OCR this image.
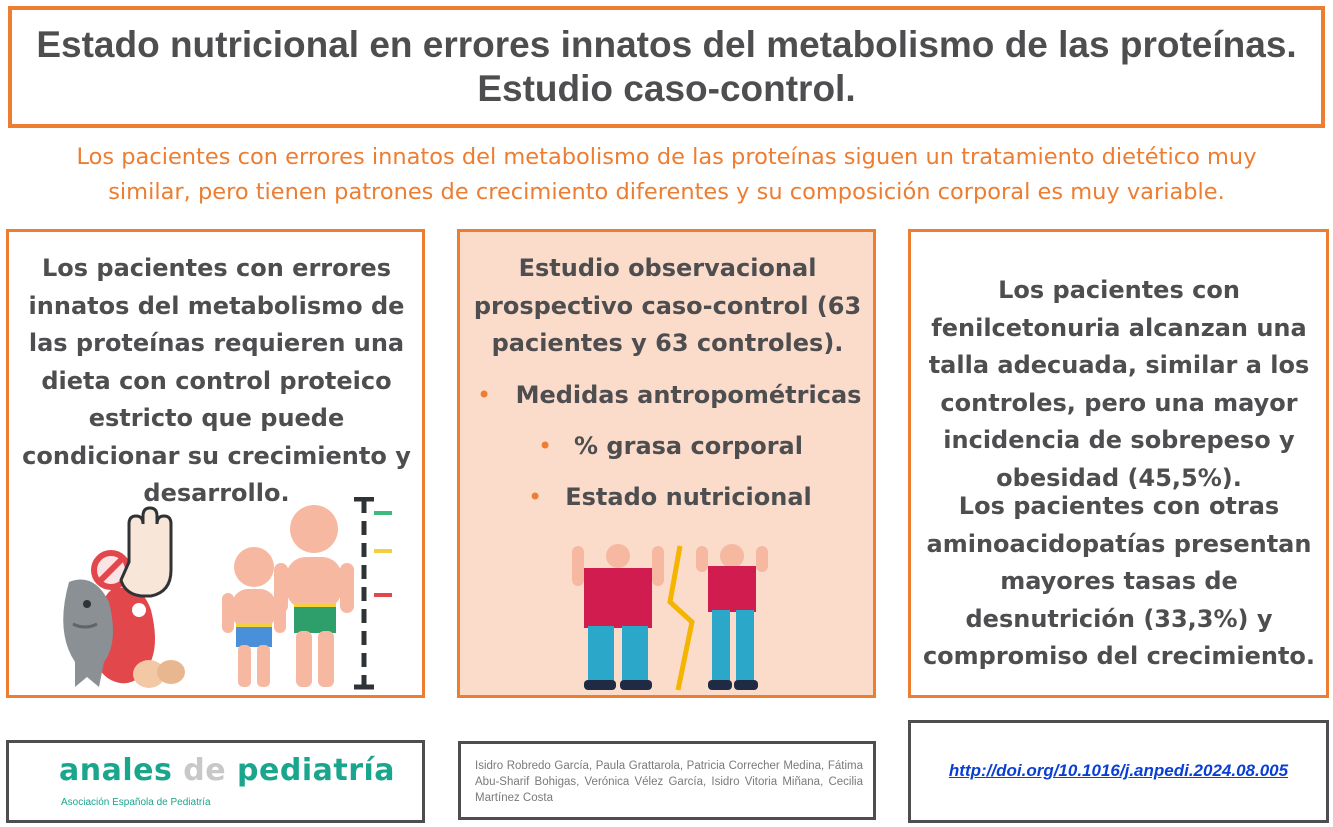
Estado nutricional en errores innatos del metabolismo de las proteínas.
Estudio caso-control.
Los pacientes con errores innatos del metabolismo de las proteínas siguen un tratamiento dietético muy
similar, pero tienen patrones de crecimiento diferentes y su composición corporal es muy variable.
Los pacientes con errores
innatos del metabolismo de
las proteínas requieren una
dieta con control proteico
estricto que puede
condicionar su crecimiento y
desarrollo.
Estudio observacional
prospectivo caso-control (63
pacientes y 63 controles).
• Medidas antropométricas
• % grasa corporal
• Estado nutricional
Los pacientes con
fenilcetonuria alcanzan una
talla adecuada, similar a los
controles, pero una mayor
incidencia de sobrepeso y
obesidad (45,5%).
Los pacientes con otras
aminoacidopatías presentan
mayores tasas de
desnutrición (33,3%) y
compromiso del crecimiento.
anales de pediatría
Asociación Española de Pediatría
Isidro Robredo García, Paula Grattarola, Patricia Correcher Medina, Fátima Abu-Sharif Bohigas, Verónica Vélez García, Isidro Vitoria Miñana, Cecilia Martínez Costa
http://doi.org/10.1016/j.anpedi.2024.08.005
